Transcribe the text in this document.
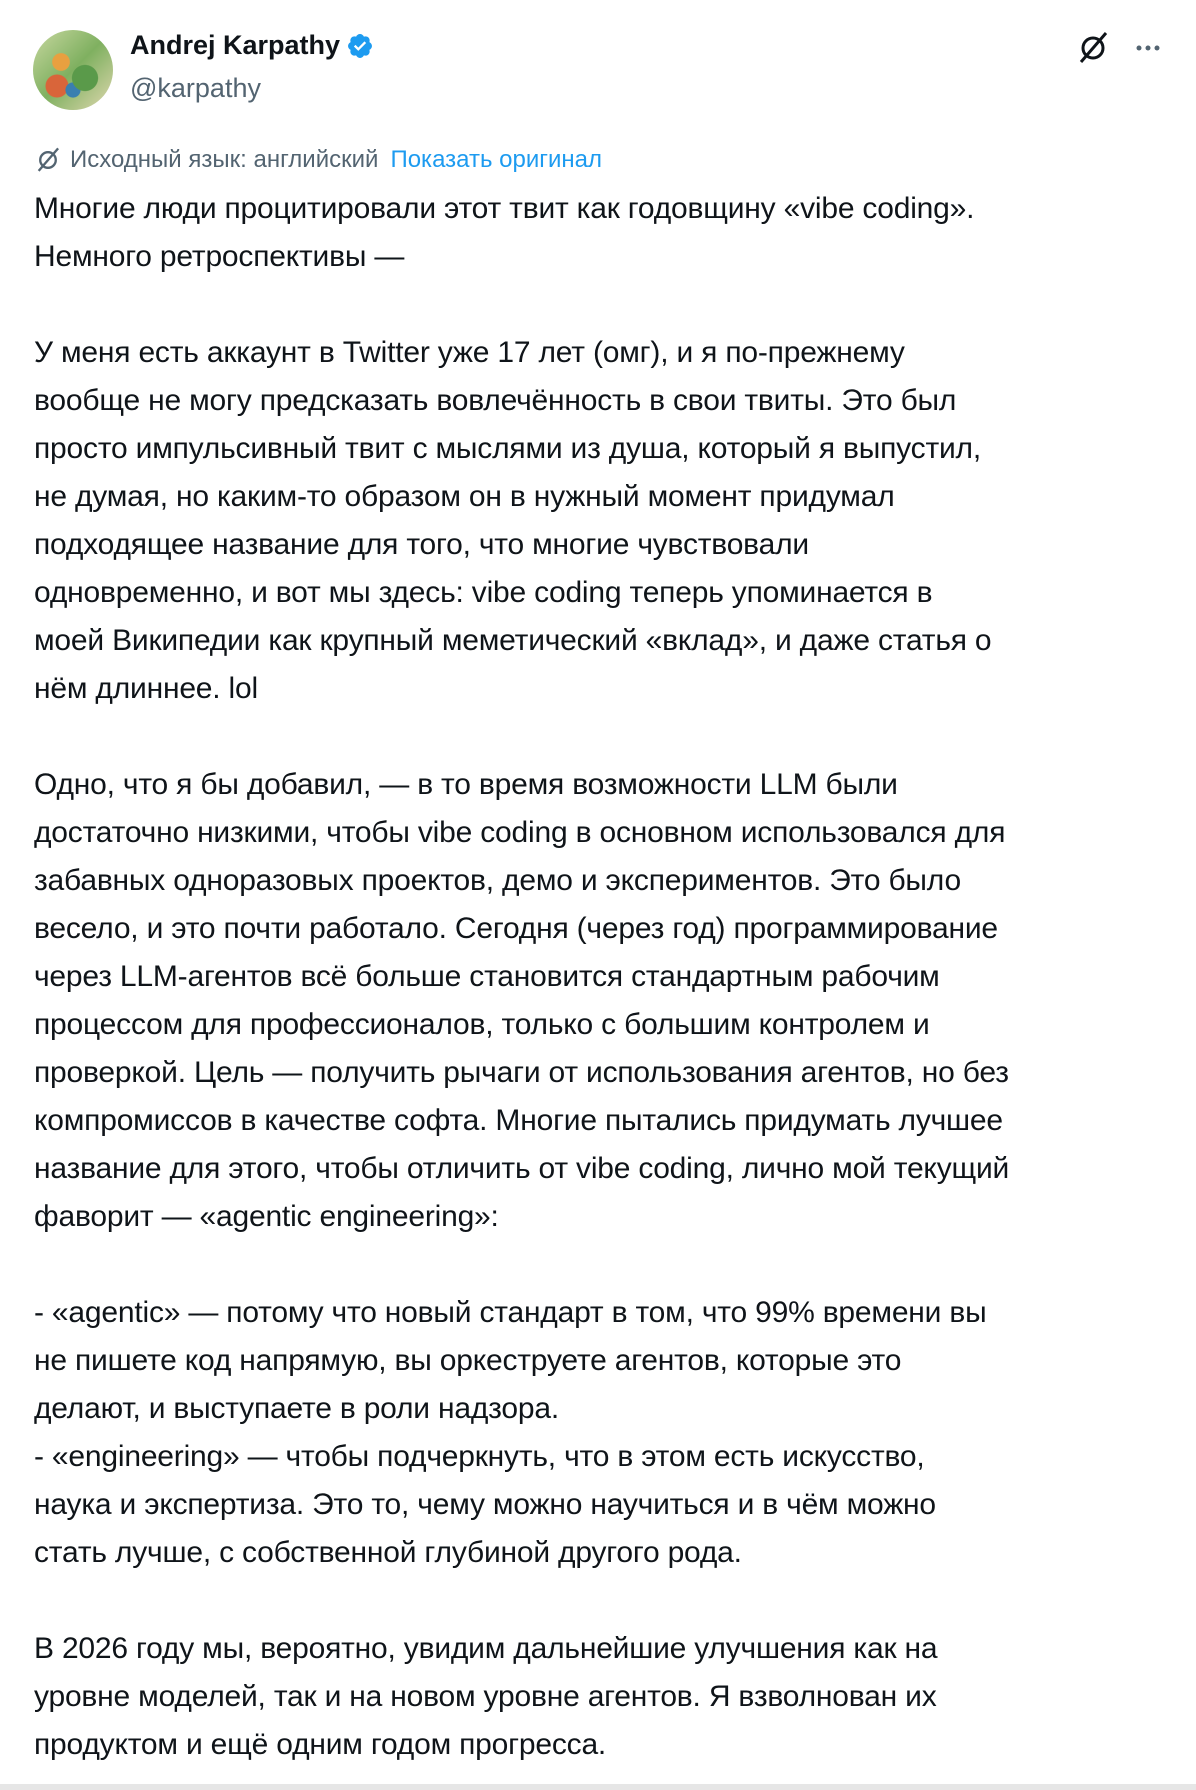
Andrej Karpathy
@karpathy
Исходный язык: английский Показать оригинал
Многие люди процитировали этот твит как годовщину «vibe coding».
Немного ретроспективы —
У меня есть аккаунт в Twitter уже 17 лет (омг), и я по-прежнему
вообще не могу предсказать вовлечённость в свои твиты. Это был
просто импульсивный твит с мыслями из душа, который я выпустил,
не думая, но каким-то образом он в нужный момент придумал
подходящее название для того, что многие чувствовали
одновременно, и вот мы здесь: vibe coding теперь упоминается в
моей Википедии как крупный меметический «вклад», и даже статья о
нём длиннее. lol
Одно, что я бы добавил, — в то время возможности LLM были
достаточно низкими, чтобы vibe coding в основном использовался для
забавных одноразовых проектов, демо и экспериментов. Это было
весело, и это почти работало. Сегодня (через год) программирование
через LLM-агентов всё больше становится стандартным рабочим
процессом для профессионалов, только с большим контролем и
проверкой. Цель — получить рычаги от использования агентов, но без
компромиссов в качестве софта. Многие пытались придумать лучшее
название для этого, чтобы отличить от vibe coding, лично мой текущий
фаворит — «agentic engineering»:
- «agentic» — потому что новый стандарт в том, что 99% времени вы
не пишете код напрямую, вы оркеструете агентов, которые это
делают, и выступаете в роли надзора.
- «engineering» — чтобы подчеркнуть, что в этом есть искусство,
наука и экспертиза. Это то, чему можно научиться и в чём можно
стать лучше, с собственной глубиной другого рода.
В 2026 году мы, вероятно, увидим дальнейшие улучшения как на
уровне моделей, так и на новом уровне агентов. Я взволнован их
продуктом и ещё одним годом прогресса.
